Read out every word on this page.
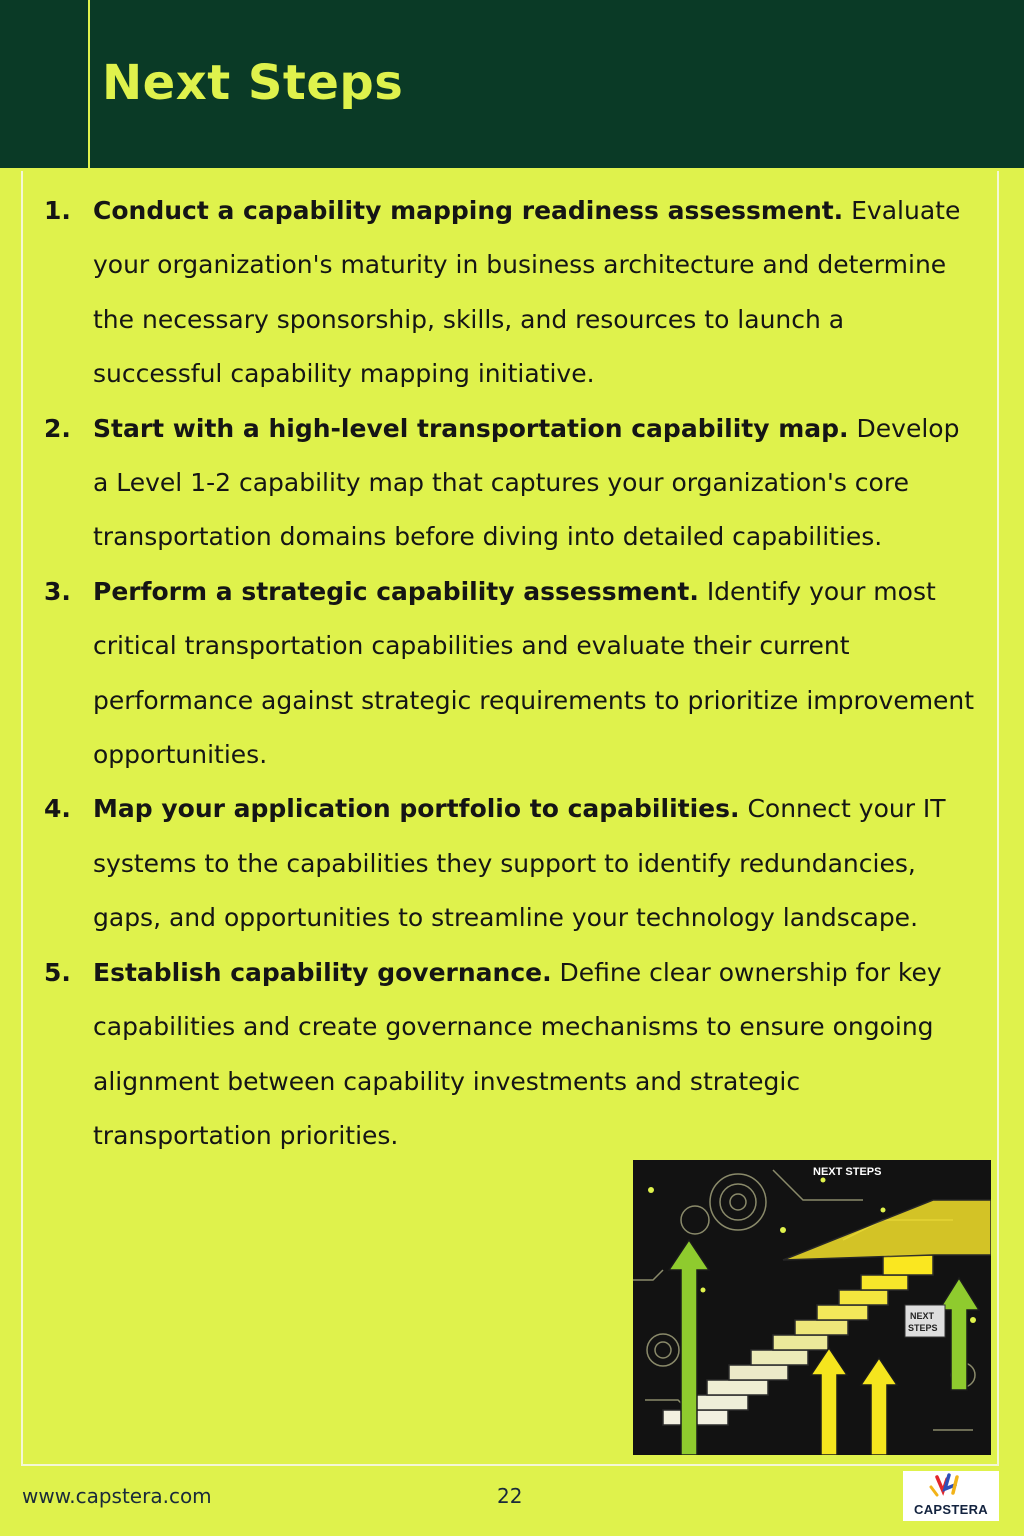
Next Steps
1. Conduct a capability mapping readiness assessment. Evaluate your organization's maturity in business architecture and determine the necessary sponsorship, skills, and resources to launch a successful capability mapping initiative.
2. Start with a high-level transportation capability map. Develop a Level 1-2 capability map that captures your organization's core transportation domains before diving into detailed capabilities.
3. Perform a strategic capability assessment. Identify your most critical transportation capabilities and evaluate their current performance against strategic requirements to prioritize improvement opportunities.
4. Map your application portfolio to capabilities. Connect your IT systems to the capabilities they support to identify redundancies, gaps, and opportunities to streamline your technology landscape.
5. Establish capability governance. Define clear ownership for key capabilities and create governance mechanisms to ensure ongoing alignment between capability investments and strategic transportation priorities.
NEXT STEPS
NEXT
STEPS
www.capstera.com	22
CAPSTERA
